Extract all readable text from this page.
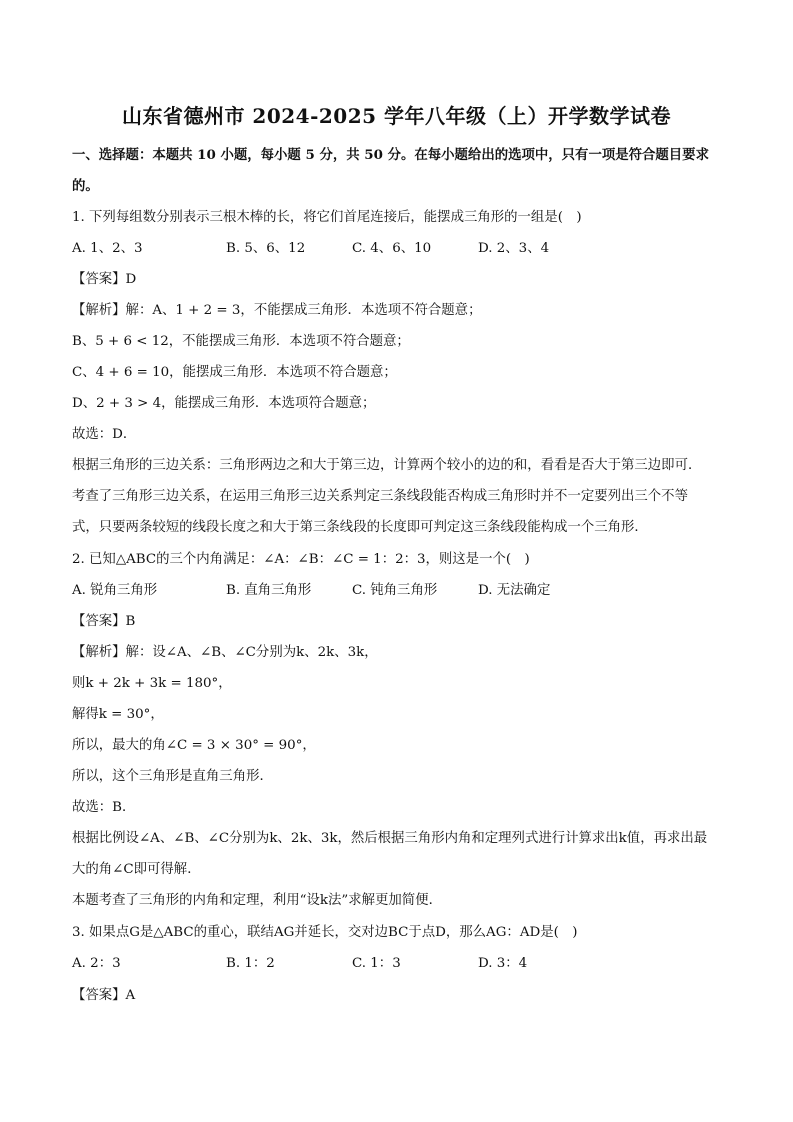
山东省德州市 2024-2025 学年八年级（上）开学数学试卷
一、选择题：本题共 10 小题，每小题 5 分，共 50 分。在每小题给出的选项中，只有一项是符合题目要求
的。
1. 下列每组数分别表示三根木棒的长，将它们首尾连接后，能摆成三角形的一组是(　)
A. 1、2、3	B. 5、6、12	C. 4、6、10	D. 2、3、4
【答案】D
【解析】解：A、1 + 2 = 3，不能摆成三角形．本选项不符合题意；
B、5 + 6 < 12，不能摆成三角形．本选项不符合题意；
C、4 + 6 = 10，能摆成三角形．本选项不符合题意；
D、2 + 3 > 4，能摆成三角形．本选项符合题意；
故选：D．
根据三角形的三边关系：三角形两边之和大于第三边，计算两个较小的边的和，看看是否大于第三边即可．
考查了三角形三边关系，在运用三角形三边关系判定三条线段能否构成三角形时并不一定要列出三个不等
式，只要两条较短的线段长度之和大于第三条线段的长度即可判定这三条线段能构成一个三角形．
2. 已知△ABC的三个内角满足：∠A：∠B：∠C = 1：2：3，则这是一个(　)
A. 锐角三角形	B. 直角三角形	C. 钝角三角形	D. 无法确定
【答案】B
【解析】解：设∠A、∠B、∠C分别为k、2k、3k，
则k + 2k + 3k = 180°，
解得k = 30°，
所以，最大的角∠C = 3 × 30° = 90°，
所以，这个三角形是直角三角形．
故选：B．
根据比例设∠A、∠B、∠C分别为k、2k、3k，然后根据三角形内角和定理列式进行计算求出k值，再求出最
大的角∠C即可得解．
本题考查了三角形的内角和定理，利用“设k法”求解更加简便．
3. 如果点G是△ABC的重心，联结AG并延长，交对边BC于点D，那么AG：AD是(　)
A. 2：3	B. 1：2	C. 1：3	D. 3：4
【答案】A
